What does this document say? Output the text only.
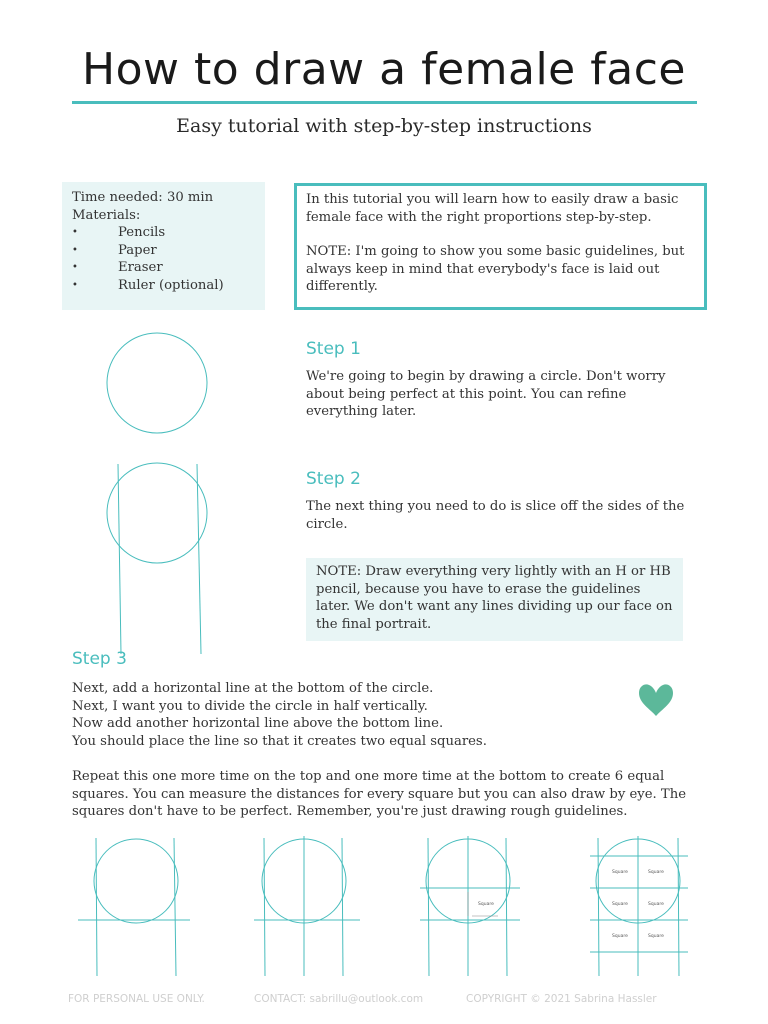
How to draw a female face
Easy tutorial with step-by-step instructions
Time needed: 30 min
Materials:
• Pencils
• Paper
• Eraser
• Ruler (optional)

In this tutorial you will learn how to easily draw a basic female face with the right proportions step-by-step.

NOTE: I'm going to show you some basic guidelines, but always keep in mind that everybody's face is laid out differently.

Step 1
We're going to begin by drawing a circle. Don't worry about being perfect at this point. You can refine everything later.
Step 2
The next thing you need to do is slice off the sides of the circle.
NOTE: Draw everything very lightly with an H or HB pencil, because you have to erase the guidelines later. We don't want any lines dividing up our face on the final portrait.
Step 3
Next, add a horizontal line at the bottom of the circle.
Next, I want you to divide the circle in half vertically.
Now add another horizontal line above the bottom line.
You should place the line so that it creates two equal squares.
Repeat this one more time on the top and one more time at the bottom to create 6 equal squares. You can measure the distances for every square but you can also draw by eye. The squares don't have to be perfect. Remember, you're just drawing rough guidelines.
Square
Square	Square
Square	Square
Square	Square
FOR PERSONAL USE ONLY.	CONTACT: sabrillu@outlook.com	COPYRIGHT © 2021 Sabrina Hassler
